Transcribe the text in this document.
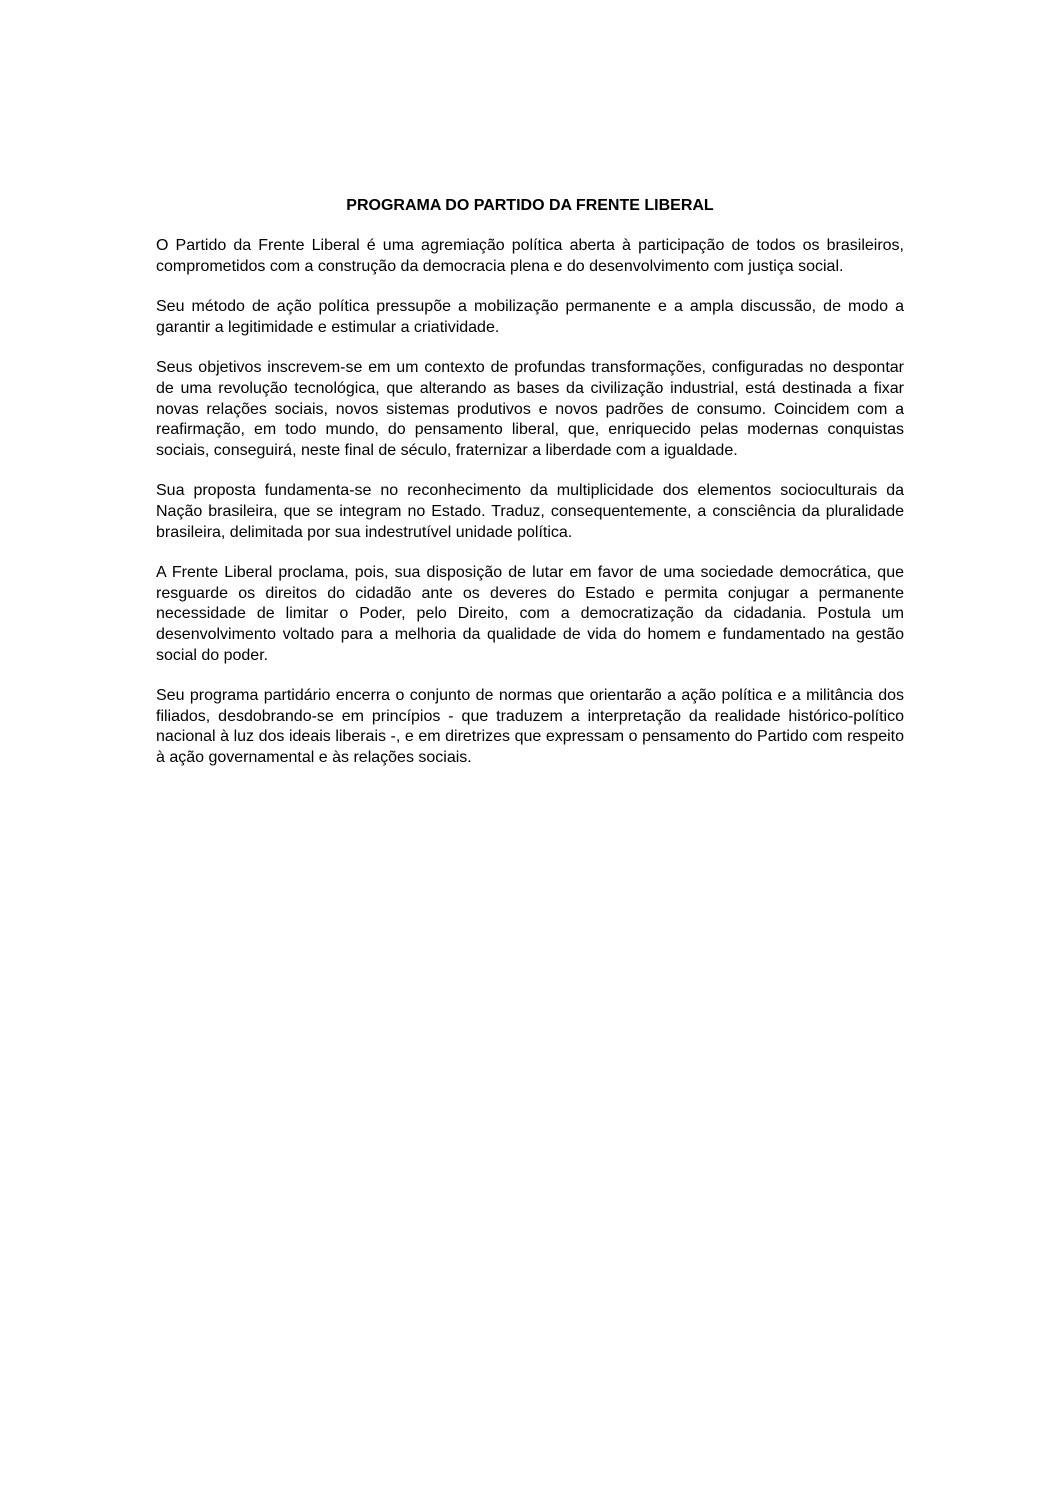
PROGRAMA DO PARTIDO DA FRENTE LIBERAL

O Partido da Frente Liberal é uma agremiação política aberta à participação de todos os brasileiros, comprometidos com a construção da democracia plena e do desenvolvimento com justiça social.

Seu método de ação política pressupõe a mobilização permanente e a ampla discussão, de modo a garantir a legitimidade e estimular a criatividade.

Seus objetivos inscrevem-se em um contexto de profundas transformações, configuradas no despontar de uma revolução tecnológica, que alterando as bases da civilização industrial, está destinada a fixar novas relações sociais, novos sistemas produtivos e novos padrões de consumo. Coincidem com a reafirmação, em todo mundo, do pensamento liberal, que, enriquecido pelas modernas conquistas sociais, conseguirá, neste final de século, fraternizar a liberdade com a igualdade.

Sua proposta fundamenta-se no reconhecimento da multiplicidade dos elementos socioculturais da Nação brasileira, que se integram no Estado. Traduz, consequentemente, a consciência da pluralidade brasileira, delimitada por sua indestrutível unidade política.

A Frente Liberal proclama, pois, sua disposição de lutar em favor de uma sociedade democrática, que resguarde os direitos do cidadão ante os deveres do Estado e permita conjugar a permanente necessidade de limitar o Poder, pelo Direito, com a democratização da cidadania. Postula um desenvolvimento voltado para a melhoria da qualidade de vida do homem e fundamentado na gestão social do poder.

Seu programa partidário encerra o conjunto de normas que orientarão a ação política e a militância dos filiados, desdobrando-se em princípios - que traduzem a interpretação da realidade histórico-político nacional à luz dos ideais liberais -, e em diretrizes que expressam o pensamento do Partido com respeito à ação governamental e às relações sociais.
